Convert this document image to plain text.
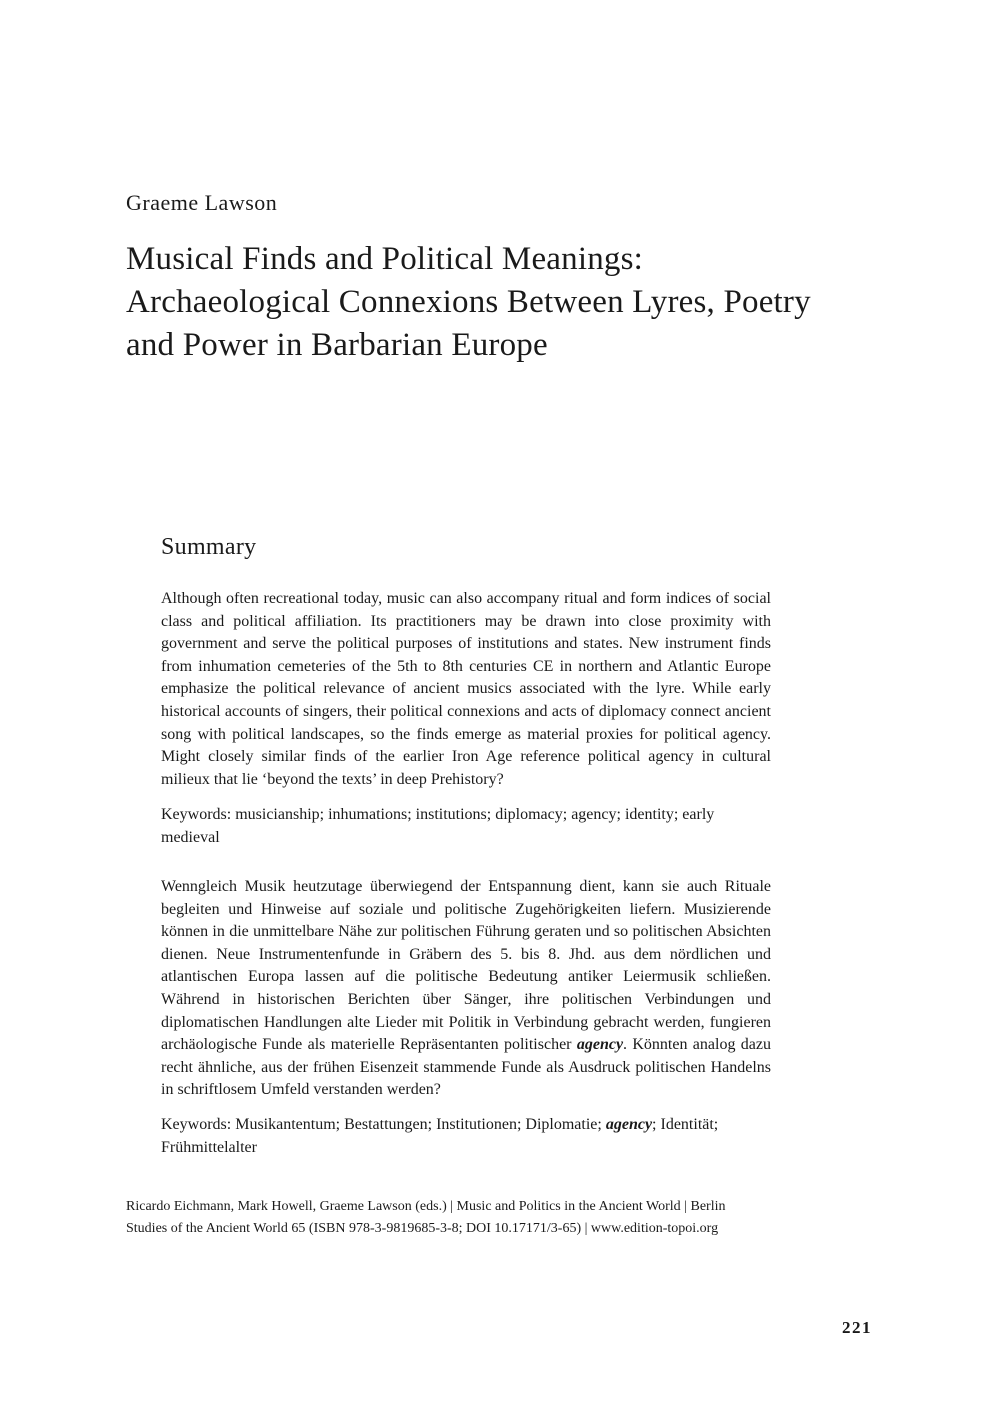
Graeme Lawson
Musical Finds and Political Meanings: Archaeological Connexions Between Lyres, Poetry and Power in Barbarian Europe
Summary

Although often recreational today, music can also accompany ritual and form indices of social class and political affiliation. Its practitioners may be drawn into close proximity with government and serve the political purposes of institutions and states. New instrument finds from inhumation cemeteries of the 5th to 8th centuries CE in northern and Atlantic Europe emphasize the political relevance of ancient musics associated with the lyre. While early historical accounts of singers, their political connexions and acts of diplomacy connect ancient song with political landscapes, so the finds emerge as material proxies for political agency. Might closely similar finds of the earlier Iron Age reference political agency in cultural milieux that lie ‘beyond the texts’ in deep Prehistory?

Keywords: musicianship; inhumations; institutions; diplomacy; agency; identity; early medieval

Wenngleich Musik heutzutage überwiegend der Entspannung dient, kann sie auch Rituale begleiten und Hinweise auf soziale und politische Zugehörigkeiten liefern. Musizierende können in die unmittelbare Nähe zur politischen Führung geraten und so politischen Absichten dienen. Neue Instrumentenfunde in Gräbern des 5. bis 8. Jhd. aus dem nördlichen und atlantischen Europa lassen auf die politische Bedeutung antiker Leiermusik schließen. Während in historischen Berichten über Sänger, ihre politischen Verbindungen und diplomatischen Handlungen alte Lieder mit Politik in Verbindung gebracht werden, fungieren archäologische Funde als materielle Repräsentanten politischer agency. Könnten analog dazu recht ähnliche, aus der frühen Eisenzeit stammende Funde als Ausdruck politischen Handelns in schriftlosem Umfeld verstanden werden?

Keywords: Musikantentum; Bestattungen; Institutionen; Diplomatie; agency; Identität; Frühmittelalter

Ricardo Eichmann, Mark Howell, Graeme Lawson (eds.) | Music and Politics in the Ancient World | Berlin Studies of the Ancient World 65 (ISBN 978-3-9819685-3-8; DOI 10.17171/3-65) | www.edition-topoi.org

221
